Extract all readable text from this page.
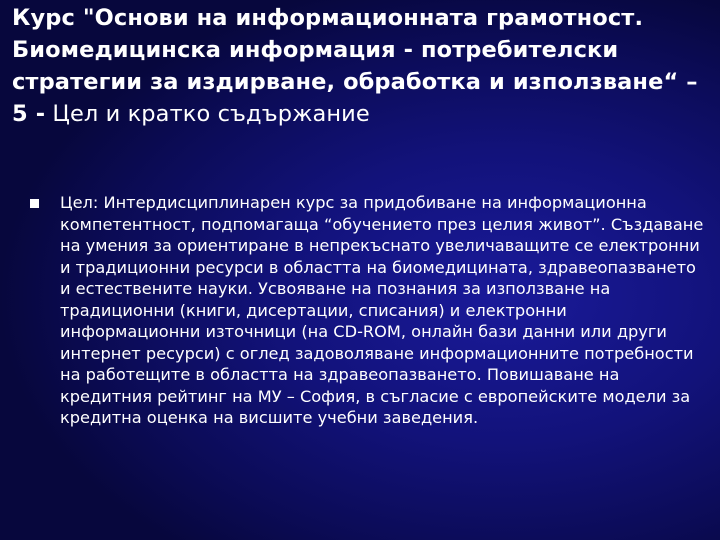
Курс "Основи на информационната грамотност. Биомедицинска информация - потребителски стратегии за издирване, обработка и използване“ – 5 - Цел и кратко съдържание
Цел: Интердисциплинарен курс за придобиване на информационна компетентност, подпомагаща “обучението през целия живот”. Създаване на умения за ориентиране в непрекъснато увеличаващите се електронни и традиционни ресурси в областта на биомедицината, здравеопазването и естествените науки. Усвояване на познания за използване на традиционни (книги, дисертации, списания) и електронни информационни източници (на CD-ROM, онлайн бази данни или други интернет ресурси) с оглед задоволяване информационните потребности на работещите в областта на здравеопазването. Повишаване на кредитния рейтинг на МУ – София, в съгласие с европейските модели за кредитна оценка на висшите учебни заведения.
